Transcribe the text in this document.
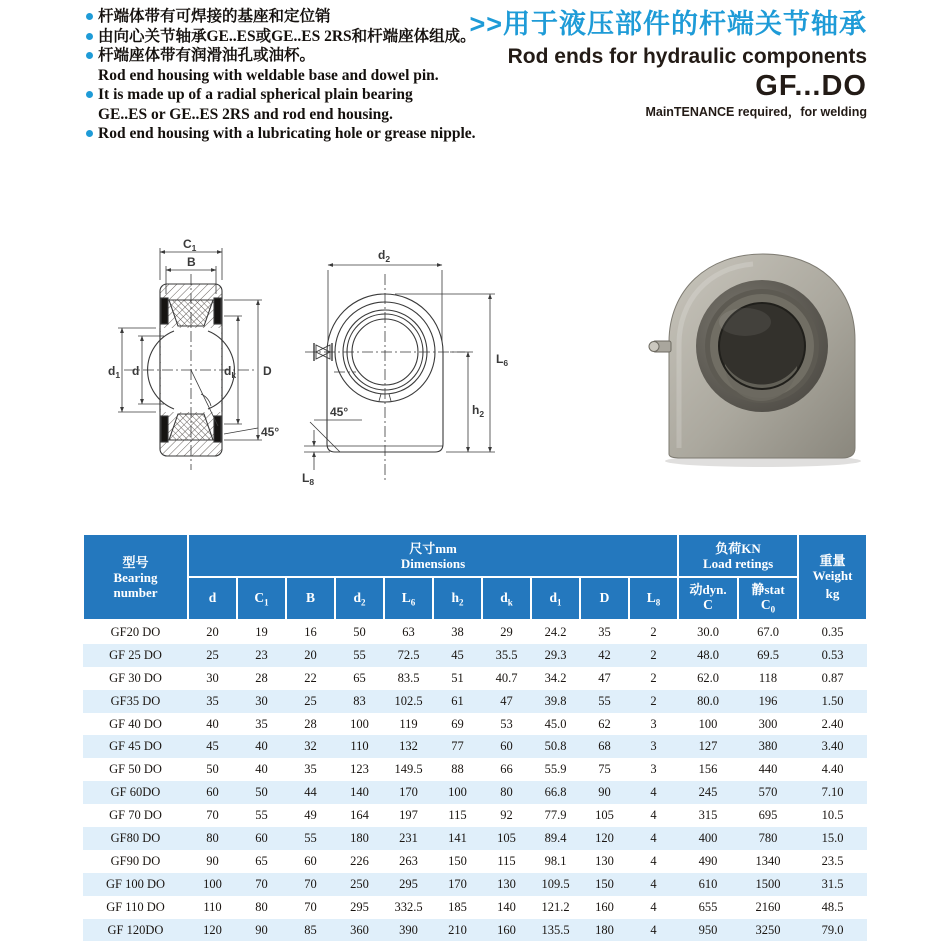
杆端体带有可焊接的基座和定位销
由向心关节轴承GE..ES或GE..ES 2RS和杆端座体组成。
杆端座体带有润滑油孔或油杯。
Rod end housing with weldable base and dowel pin.
It is made up of a radial spherical plain bearing
GE..ES or GE..ES 2RS and rod end housing.
Rod end housing with a lubricating hole or grease nipple.
>>用于液压部件的杆端关节轴承
Rod ends for hydraulic components
GF...DO
MainTENANCE required，for welding
$C_1$
B
$d_1$ d	$d_k$ D
45°
$d_2$
$L_6$
$h_2$
45°
$L_8$
型号
Bearing
number

尺寸mm
Dimensions

负荷KN
Load retings	重量
Weight
kg

d	$C_1$	B	$d_2$	$L_6$	$h_2$	$d_k$	$d_1$	D	$L_8$	
动dyn.
C

静stat
$C_0$

GF20 DO	20	19	16	50	63	38	29	24.2	35	2	30.0	67.0	0.35
GF 25 DO	25	23	20	55	72.5	45	35.5	29.3	42	2	48.0	69.5	0.53
GF 30 DO	30	28	22	65	83.5	51	40.7	34.2	47	2	62.0	118	0.87
GF35 DO	35	30	25	83	102.5	61	47	39.8	55	2	80.0	196	1.50
GF 40 DO	40	35	28	100	119	69	53	45.0	62	3	100	300	2.40
GF 45 DO	45	40	32	110	132	77	60	50.8	68	3	127	380	3.40
GF 50 DO	50	40	35	123	149.5	88	66	55.9	75	3	156	440	4.40
GF 60DO	60	50	44	140	170	100	80	66.8	90	4	245	570	7.10
GF 70 DO	70	55	49	164	197	115	92	77.9	105	4	315	695	10.5
GF80 DO	80	60	55	180	231	141	105	89.4	120	4	400	780	15.0
GF90 DO	90	65	60	226	263	150	115	98.1	130	4	490	1340	23.5
GF 100 DO	100	70	70	250	295	170	130	109.5	150	4	610	1500	31.5
GF 110 DO	110	80	70	295	332.5	185	140	121.2	160	4	655	2160	48.5
GF 120DO	120	90	85	360	390	210	160	135.5	180	4	950	3250	79.0
